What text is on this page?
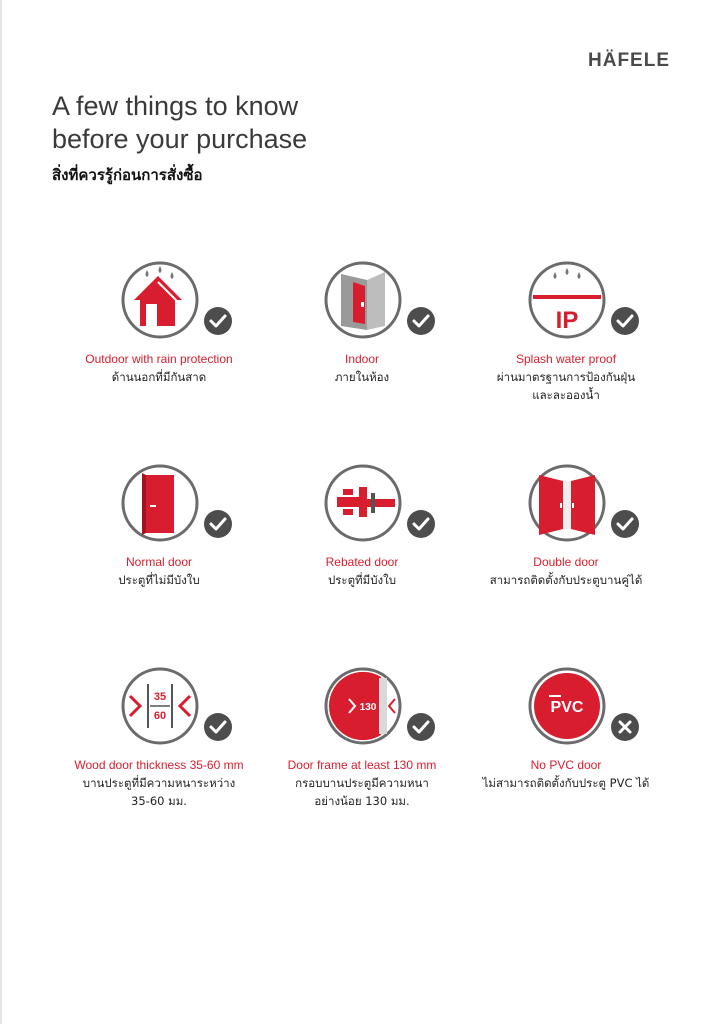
HÄFELE
A few things to know
before your purchase
สิ่งที่ควรรู้ก่อนการสั่งซื้อ
Outdoor with rain protection
ด้านนอกที่มีกันสาด
Indoor
ภายในห้อง
IP
Splash water proof
ผ่านมาตรฐานการป้องกันฝุ่นและละอองน้ำ
Normal door
ประตูที่ไม่มีบังใบ
Rebated door
ประตูที่มีบังใบ
Double door
สามารถติดตั้งกับประตูบานคู่ได้
35
60
Wood door thickness 35-60 mm
บานประตูที่มีความหนาระหว่าง 35-60 มม.
130
Door frame at least 130 mm
กรอบบานประตูมีความหนาอย่างน้อย 130 มม.
PVC
No PVC door
ไม่สามารถติดตั้งกับประตู PVC ได้
